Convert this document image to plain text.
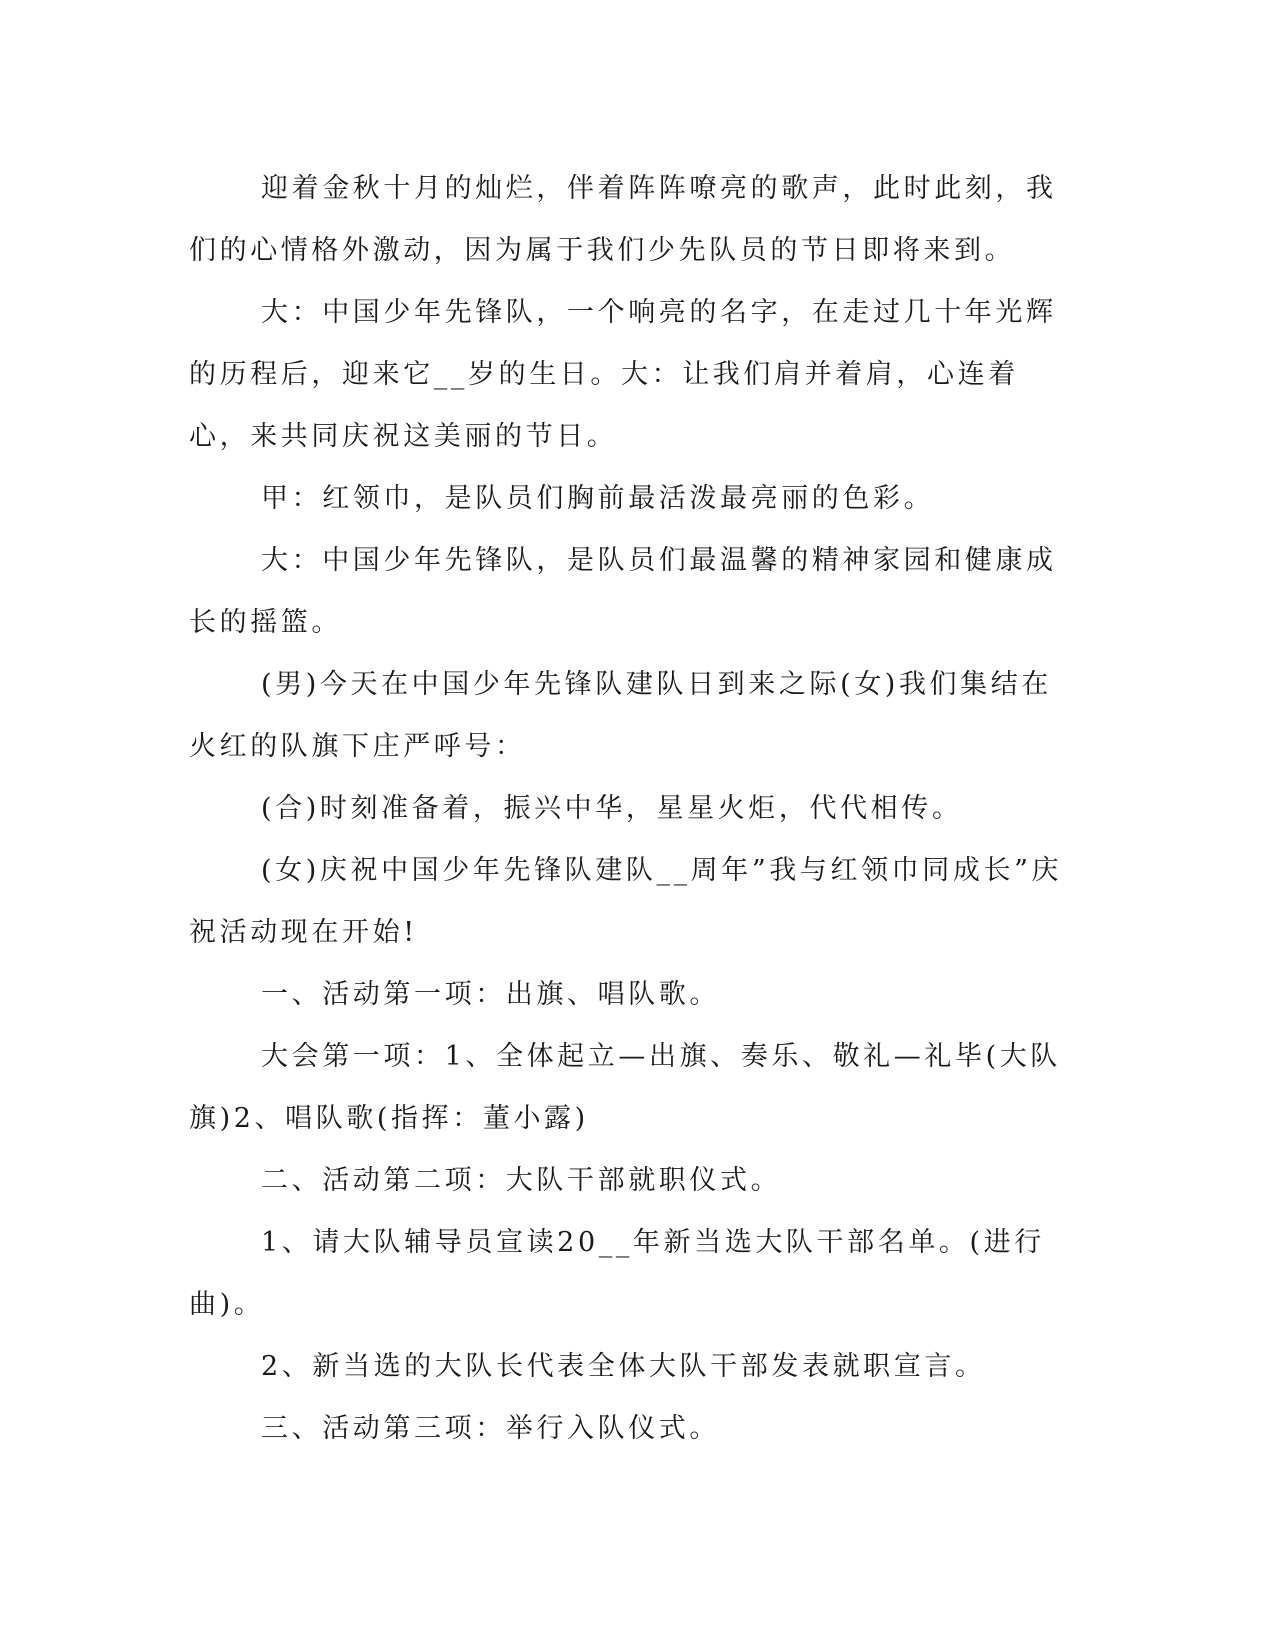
迎着金秋十月的灿烂，伴着阵阵嘹亮的歌声，此时此刻，我们的心情格外激动，因为属于我们少先队员的节日即将来到。

大：中国少年先锋队，一个响亮的名字，在走过几十年光辉的历程后，迎来它__岁的生日。大：让我们肩并着肩，心连着心，来共同庆祝这美丽的节日。

甲：红领巾，是队员们胸前最活泼最亮丽的色彩。

大：中国少年先锋队，是队员们最温馨的精神家园和健康成长的摇篮。

(男)今天在中国少年先锋队建队日到来之际(女)我们集结在火红的队旗下庄严呼号：

(合)时刻准备着，振兴中华，星星火炬，代代相传。

(女)庆祝中国少年先锋队建队__周年”我与红领巾同成长”庆祝活动现在开始!

一、活动第一项：出旗、唱队歌。

大会第一项：1、全体起立—出旗、奏乐、敬礼—礼毕(大队旗)2、唱队歌(指挥：董小露)

二、活动第二项：大队干部就职仪式。

1、请大队辅导员宣读20__年新当选大队干部名单。(进行曲)。

2、新当选的大队长代表全体大队干部发表就职宣言。

三、活动第三项：举行入队仪式。
